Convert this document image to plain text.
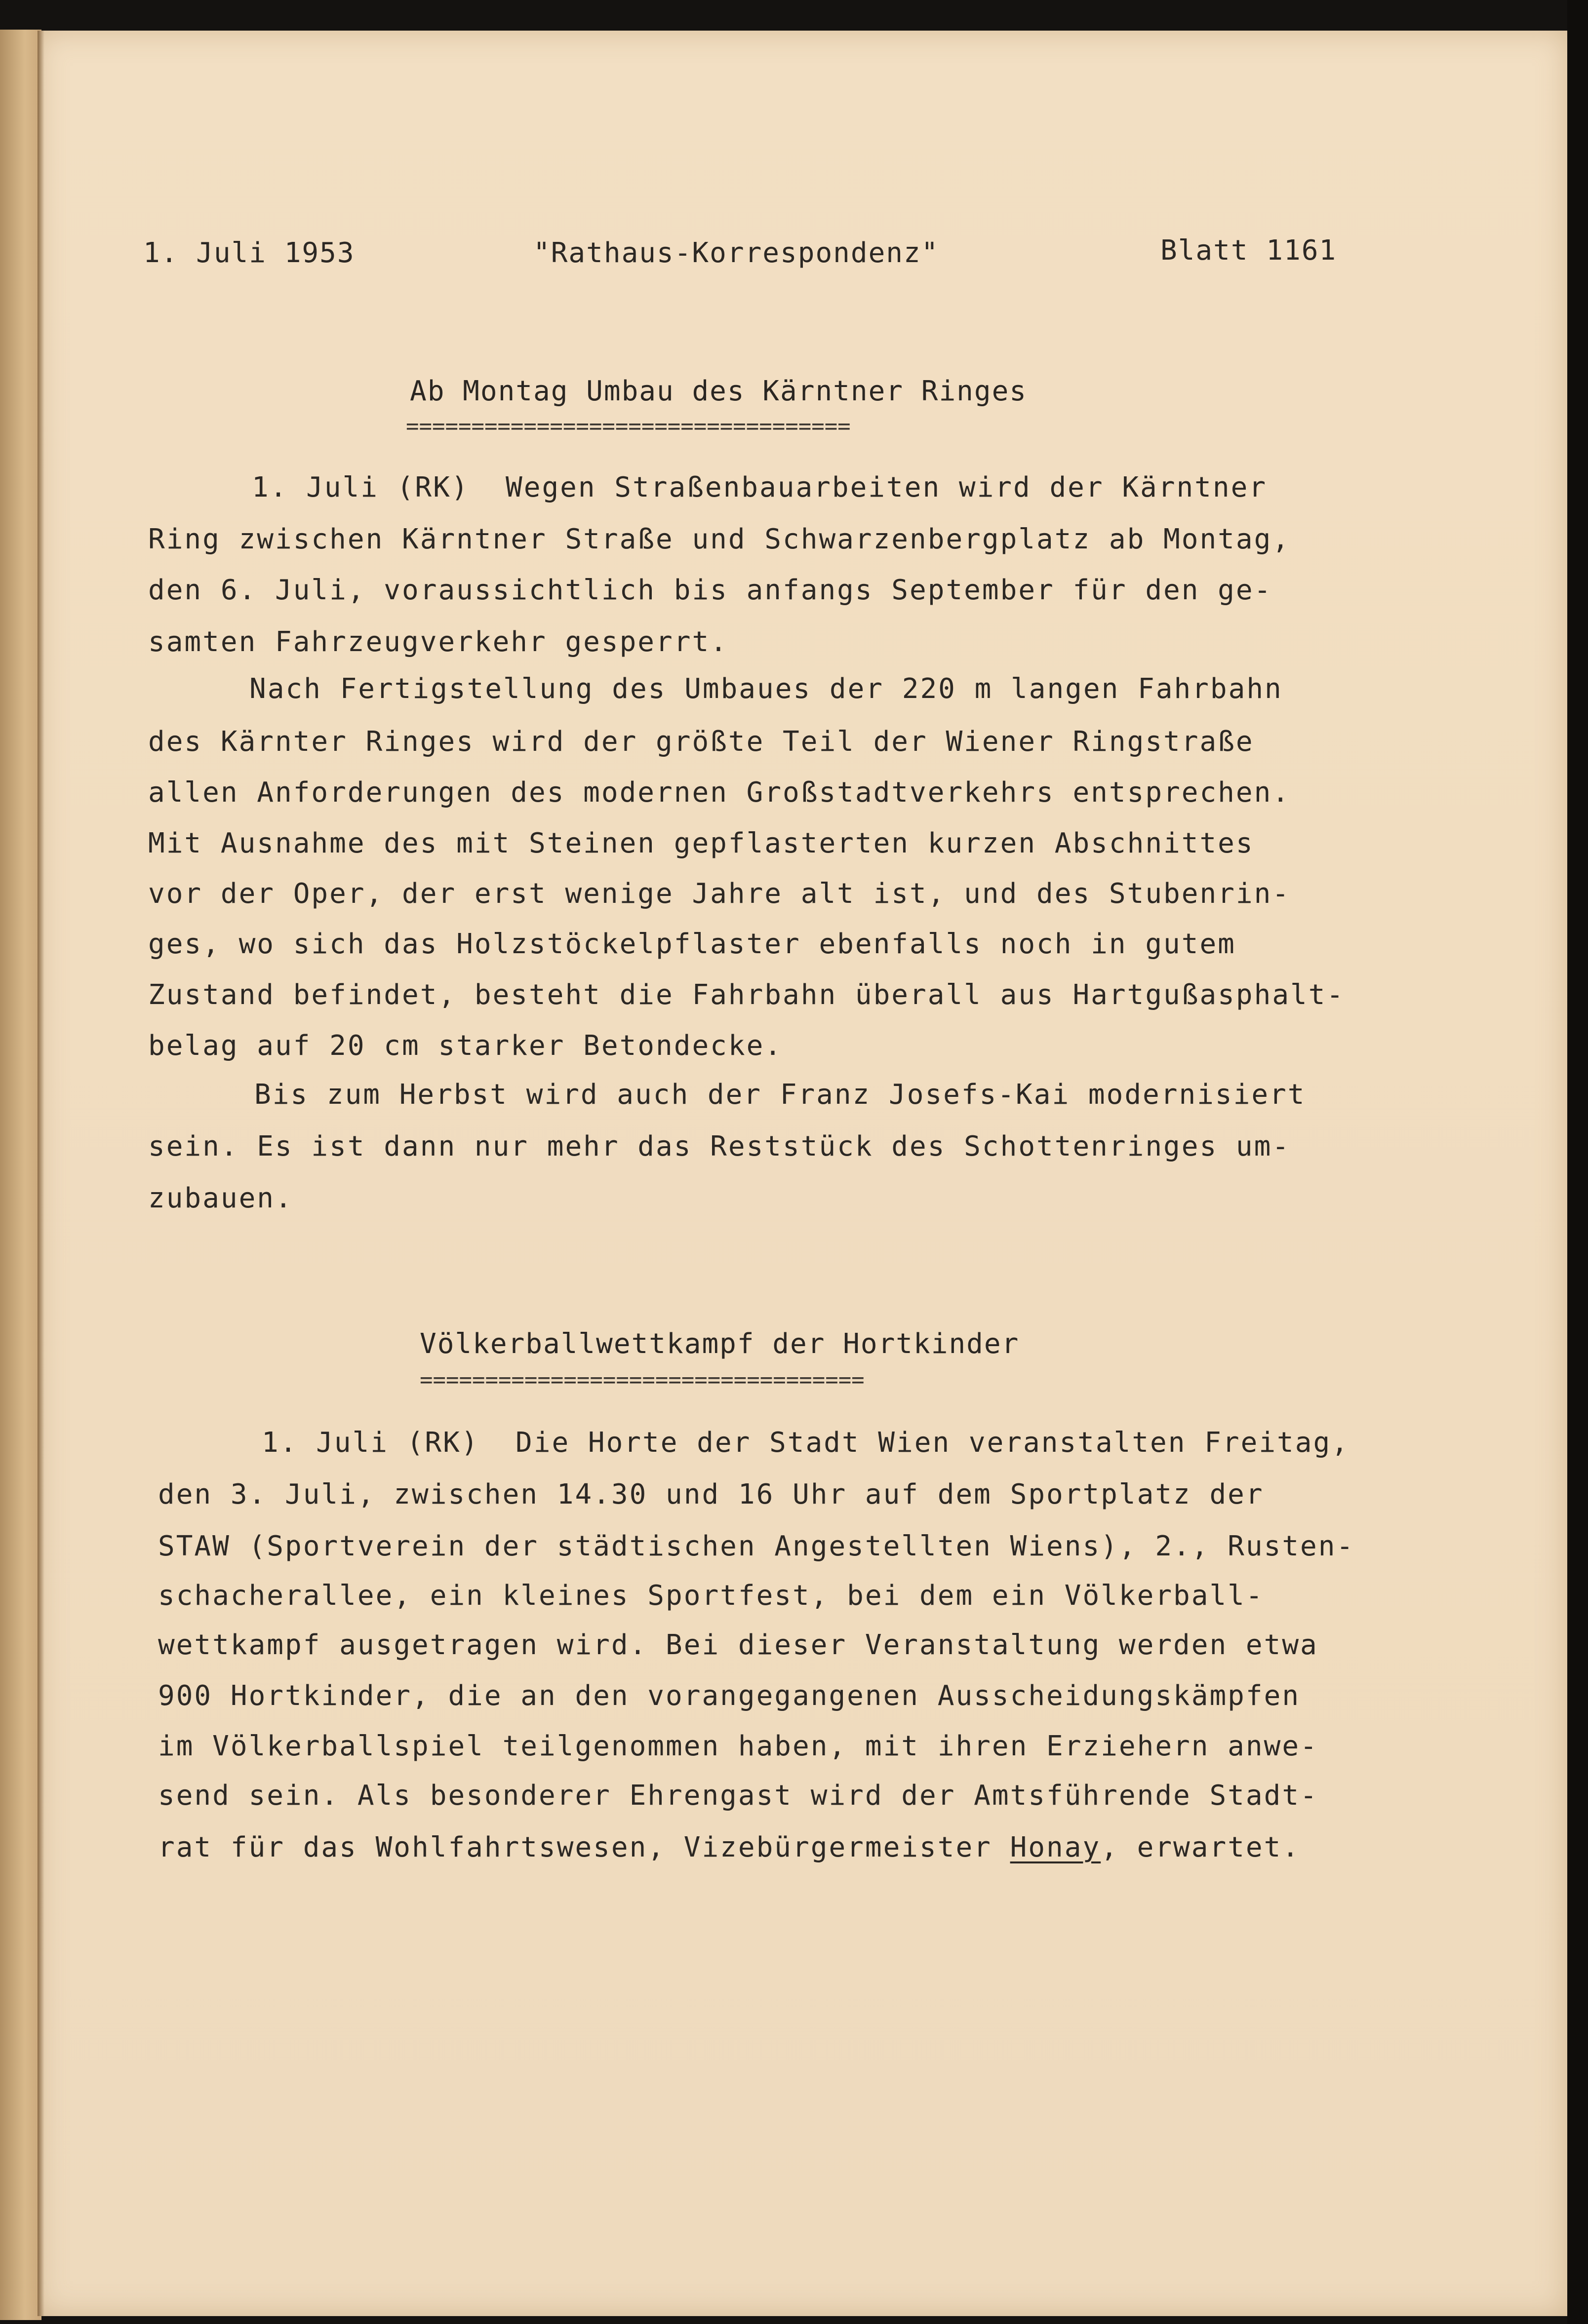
1. Juli 1953	"Rathaus-Korrespondenz"	Blatt 1161
Ab Montag Umbau des Kärntner Ringes
==================================
1. Juli (RK)  Wegen Straßenbauarbeiten wird der Kärntner
Ring zwischen Kärntner Straße und Schwarzenbergplatz ab Montag,
den 6. Juli, voraussichtlich bis anfangs September für den ge-
samten Fahrzeugverkehr gesperrt.
Nach Fertigstellung des Umbaues der 220 m langen Fahrbahn
des Kärnter Ringes wird der größte Teil der Wiener Ringstraße
allen Anforderungen des modernen Großstadtverkehrs entsprechen.
Mit Ausnahme des mit Steinen gepflasterten kurzen Abschnittes
vor der Oper, der erst wenige Jahre alt ist, und des Stubenrin-
ges, wo sich das Holzstöckelpflaster ebenfalls noch in gutem
Zustand befindet, besteht die Fahrbahn überall aus Hartgußasphalt-
belag auf 20 cm starker Betondecke.
Bis zum Herbst wird auch der Franz Josefs-Kai modernisiert
sein. Es ist dann nur mehr das Reststück des Schottenringes um-
zubauen.
Völkerballwettkampf der Hortkinder
==================================
1. Juli (RK)  Die Horte der Stadt Wien veranstalten Freitag,
den 3. Juli, zwischen 14.30 und 16 Uhr auf dem Sportplatz der
STAW (Sportverein der städtischen Angestellten Wiens), 2., Rusten-
schacherallee, ein kleines Sportfest, bei dem ein Völkerball-
wettkampf ausgetragen wird. Bei dieser Veranstaltung werden etwa
900 Hortkinder, die an den vorangegangenen Ausscheidungskämpfen
im Völkerballspiel teilgenommen haben, mit ihren Erziehern anwe-
send sein. Als besonderer Ehrengast wird der Amtsführende Stadt-
rat für das Wohlfahrtswesen, Vizebürgermeister Honay, erwartet.
